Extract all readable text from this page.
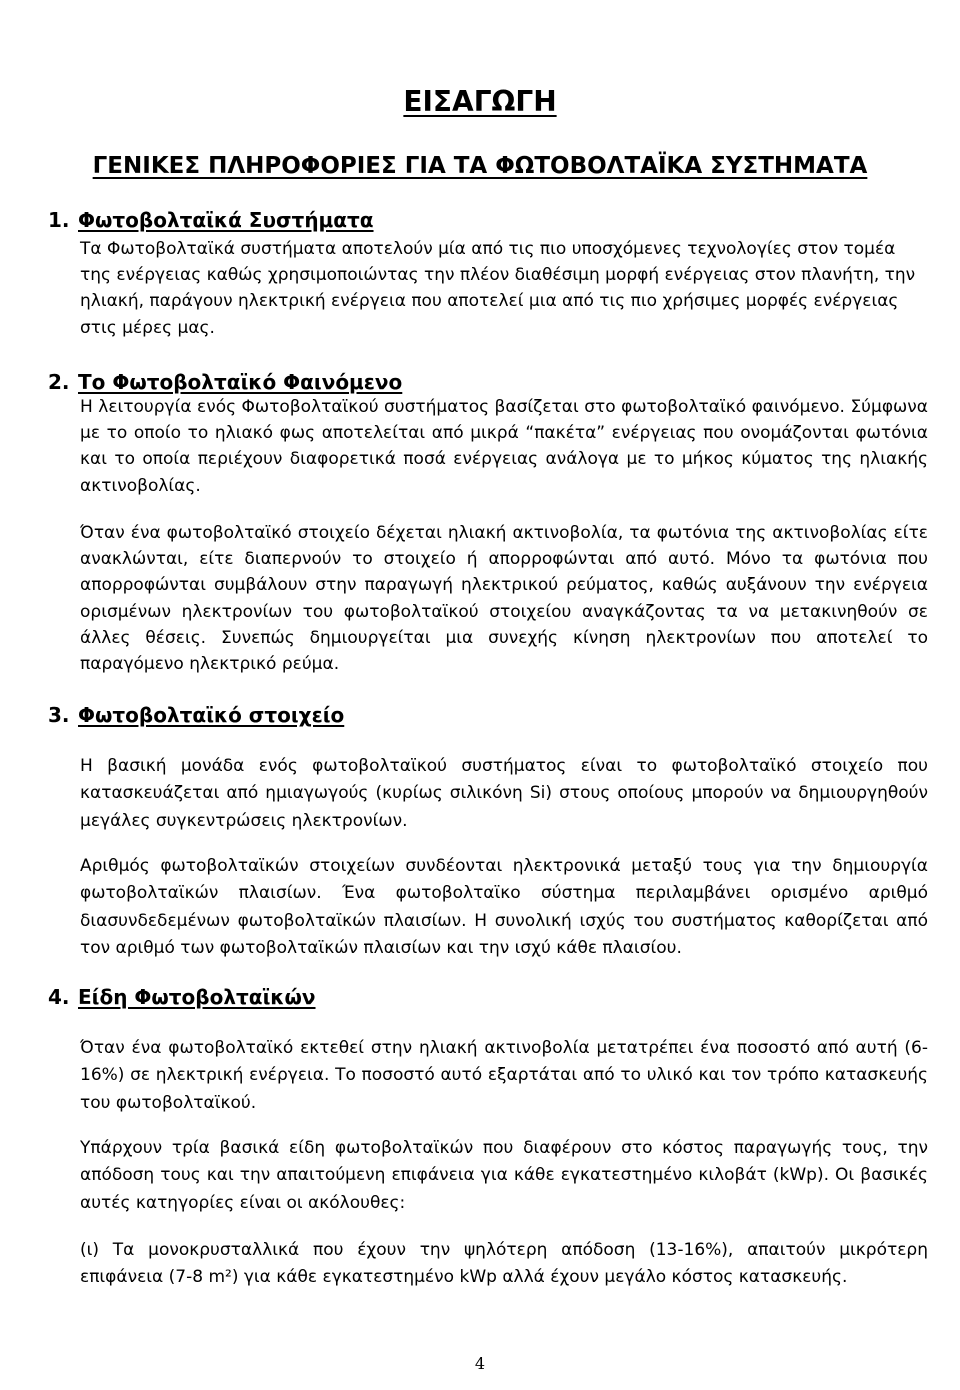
ΕΙΣΑΓΩΓΗ
ΓΕΝΙΚΕΣ ΠΛΗΡΟΦΟΡΙΕΣ ΓΙΑ ΤΑ ΦΩΤΟΒΟΛΤΑΪΚΑ ΣΥΣΤΗΜΑΤΑ
1. Φωτοβολταϊκά Συστήματα
Τα Φωτοβολταϊκά συστήματα αποτελούν μία από τις πιο υποσχόμενες τεχνολογίες στον τομέα της ενέργειας καθώς χρησιμοποιώντας την πλέον διαθέσιμη μορφή ενέργειας στον πλανήτη, την ηλιακή, παράγουν ηλεκτρική ενέργεια που αποτελεί μια από τις πιο χρήσιμες μορφές ενέργειας στις μέρες μας.
2. Το Φωτοβολταϊκό Φαινόμενο
Η λειτουργία ενός Φωτοβολταϊκού συστήματος βασίζεται στο φωτοβολταϊκό φαινόμενο. Σύμφωνα με το οποίο το ηλιακό φως αποτελείται από μικρά “πακέτα” ενέργειας που ονομάζονται φωτόνια και το οποία περιέχουν διαφορετικά ποσά ενέργειας ανάλογα με το μήκος κύματος της ηλιακής ακτινοβολίας.
Όταν ένα φωτοβολταϊκό στοιχείο δέχεται ηλιακή ακτινοβολία, τα φωτόνια της ακτινοβολίας είτε ανακλώνται, είτε διαπερνούν το στοιχείο ή απορροφώνται από αυτό. Μόνο τα φωτόνια που απορροφώνται συμβάλουν στην παραγωγή ηλεκτρικού ρεύματος, καθώς αυξάνουν την ενέργεια ορισμένων ηλεκτρονίων του φωτοβολταϊκού στοιχείου αναγκάζοντας τα να μετακινηθούν σε άλλες θέσεις. Συνεπώς δημιουργείται μια συνεχής κίνηση ηλεκτρονίων που αποτελεί το παραγόμενο ηλεκτρικό ρεύμα.
3. Φωτοβολταϊκό στοιχείο
Η βασική μονάδα ενός φωτοβολταϊκού συστήματος είναι το φωτοβολταϊκό στοιχείο που κατασκευάζεται από ημιαγωγούς (κυρίως σιλικόνη Si) στους οποίους μπορούν να δημιουργηθούν μεγάλες συγκεντρώσεις ηλεκτρονίων.
Αριθμός φωτοβολταϊκών στοιχείων συνδέονται ηλεκτρονικά μεταξύ τους για την δημιουργία φωτοβολταϊκών πλαισίων. Ένα φωτοβολταϊκο σύστημα περιλαμβάνει ορισμένο αριθμό διασυνδεδεμένων φωτοβολταϊκών πλαισίων. Η συνολική ισχύς του συστήματος καθορίζεται από τον αριθμό των φωτοβολταϊκών πλαισίων και την ισχύ κάθε πλαισίου.
4. Είδη Φωτοβολταϊκών
Όταν ένα φωτοβολταϊκό εκτεθεί στην ηλιακή ακτινοβολία μετατρέπει ένα ποσοστό από αυτή (6-16%) σε ηλεκτρική ενέργεια. Το ποσοστό αυτό εξαρτάται από το υλικό και τον τρόπο κατασκευής του φωτοβολταϊκού.
Υπάρχουν τρία βασικά είδη φωτοβολταϊκών που διαφέρουν στο κόστος παραγωγής τους, την απόδοση τους και την απαιτούμενη επιφάνεια για κάθε εγκατεστημένο κιλοβάτ (kWp). Οι βασικές αυτές κατηγορίες είναι οι ακόλουθες:
(ι) Τα μονοκρυσταλλικά που έχουν την ψηλότερη απόδοση (13-16%), απαιτούν μικρότερη επιφάνεια (7-8 m²) για κάθε εγκατεστημένο kWp αλλά έχουν μεγάλο κόστος κατασκευής.
4
